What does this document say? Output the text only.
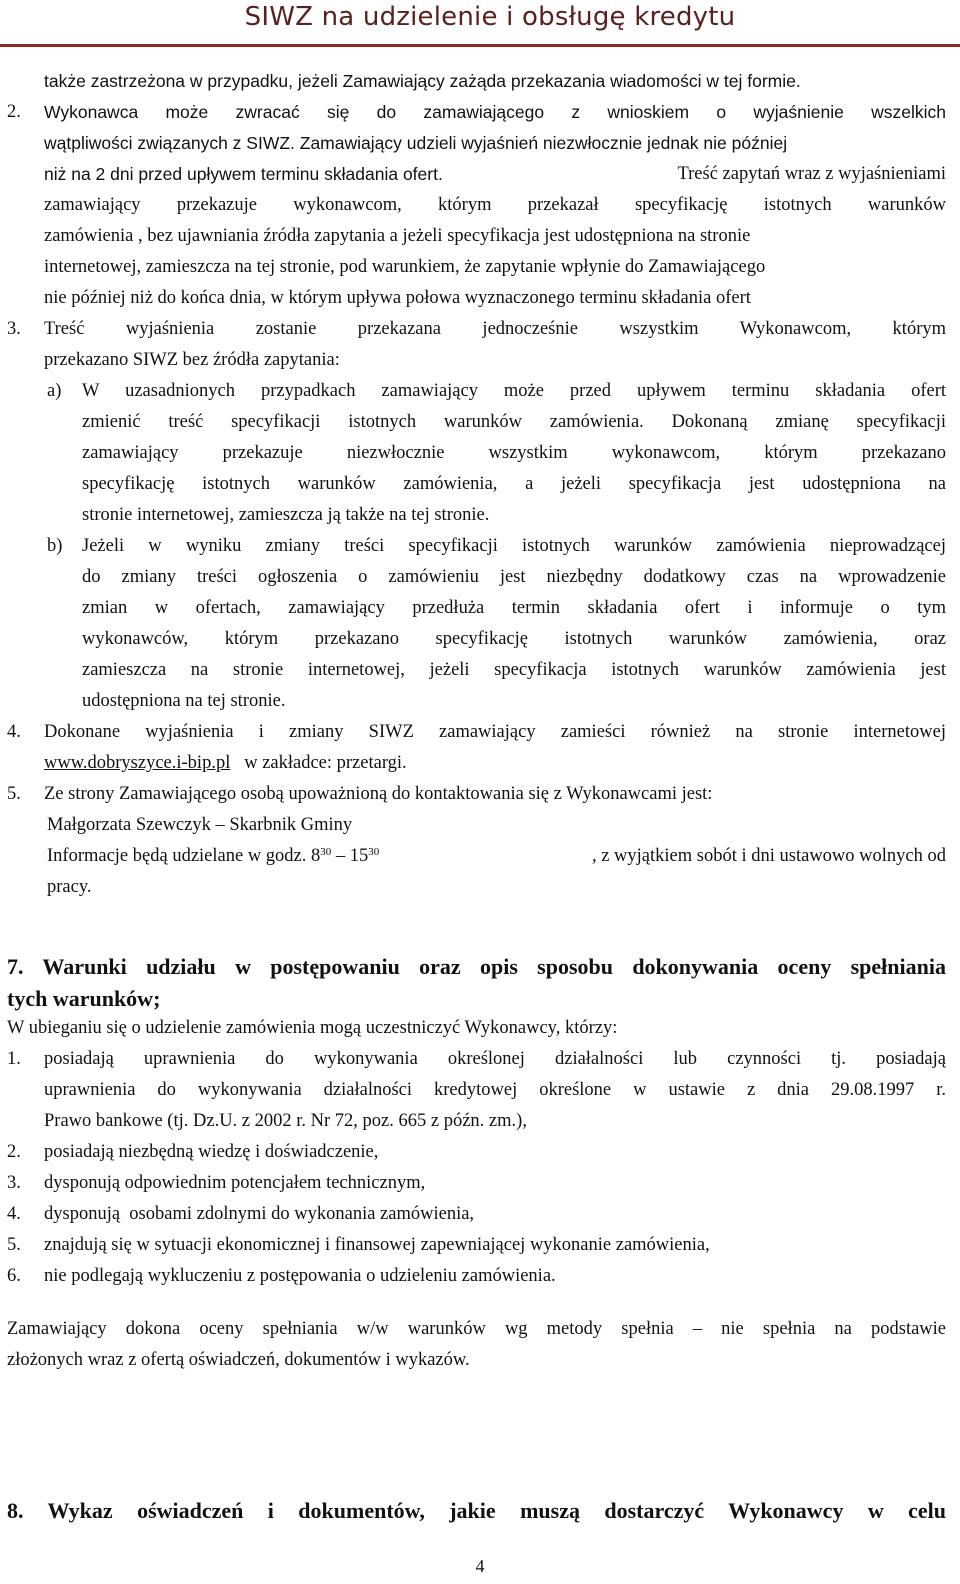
SIWZ na udzielenie i obsługę kredytu
także zastrzeżona w przypadku, jeżeli Zamawiający zażąda przekazania wiadomości w tej formie.
2. Wykonawca może zwracać się do zamawiającego z wnioskiem o wyjaśnienie wszelkich
wątpliwości związanych z SIWZ. Zamawiający udzieli wyjaśnień niezwłocznie jednak nie później
niż na 2 dni przed upływem terminu składania ofert.	Treść zapytań wraz z wyjaśnieniami
zamawiający przekazuje wykonawcom, którym przekazał specyfikację istotnych warunków
zamówienia , bez ujawniania źródła zapytania a jeżeli specyfikacja jest udostępniona na stronie
internetowej, zamieszcza na tej stronie, pod warunkiem, że zapytanie wpłynie do Zamawiającego
nie później niż do końca dnia, w którym upływa połowa wyznaczonego terminu składania ofert
3. Treść wyjaśnienia zostanie przekazana jednocześnie wszystkim Wykonawcom, którym
przekazano SIWZ bez źródła zapytania:
a) W uzasadnionych przypadkach zamawiający może przed upływem terminu składania ofert
zmienić treść specyfikacji istotnych warunków zamówienia. Dokonaną zmianę specyfikacji
zamawiający przekazuje niezwłocznie wszystkim wykonawcom, którym przekazano
specyfikację istotnych warunków zamówienia, a jeżeli specyfikacja jest udostępniona na
stronie internetowej, zamieszcza ją także na tej stronie.
b) Jeżeli w wyniku zmiany treści specyfikacji istotnych warunków zamówienia nieprowadzącej
do zmiany treści ogłoszenia o zamówieniu jest niezbędny dodatkowy czas na wprowadzenie
zmian w ofertach, zamawiający przedłuża termin składania ofert i informuje o tym
wykonawców, którym przekazano specyfikację istotnych warunków zamówienia, oraz
zamieszcza na stronie internetowej, jeżeli specyfikacja istotnych warunków zamówienia jest
udostępniona na tej stronie.
4. Dokonane wyjaśnienia i zmiany SIWZ zamawiający zamieści również na stronie internetowej
www.dobryszyce.i-bip.pl w zakładce: przetargi.
5. Ze strony Zamawiającego osobą upoważnioną do kontaktowania się z Wykonawcami jest:
Małgorzata Szewczyk – Skarbnik Gminy
Informacje będą udzielane w godz. $8^{30} - 15^{30}$	, z wyjątkiem sobót i dni ustawowo wolnych od
pracy.
7. Warunki udziału w postępowaniu oraz opis sposobu dokonywania oceny spełniania
tych warunków;
W ubieganiu się o udzielenie zamówienia mogą uczestniczyć Wykonawcy, którzy:
1. posiadają uprawnienia do wykonywania określonej działalności lub czynności tj. posiadają
uprawnienia do wykonywania działalności kredytowej określone w ustawie z dnia 29.08.1997 r.
Prawo bankowe (tj. Dz.U. z 2002 r. Nr 72, poz. 665 z późn. zm.),
2. posiadają niezbędną wiedzę i doświadczenie,
3. dysponują odpowiednim potencjałem technicznym,
4. dysponują  osobami zdolnymi do wykonania zamówienia,
5. znajdują się w sytuacji ekonomicznej i finansowej zapewniającej wykonanie zamówienia,
6. nie podlegają wykluczeniu z postępowania o udzieleniu zamówienia.
Zamawiający dokona oceny spełniania w/w warunków wg metody spełnia – nie spełnia na podstawie
złożonych wraz z ofertą oświadczeń, dokumentów i wykazów.
8. Wykaz oświadczeń i dokumentów, jakie muszą dostarczyć Wykonawcy w celu
4
